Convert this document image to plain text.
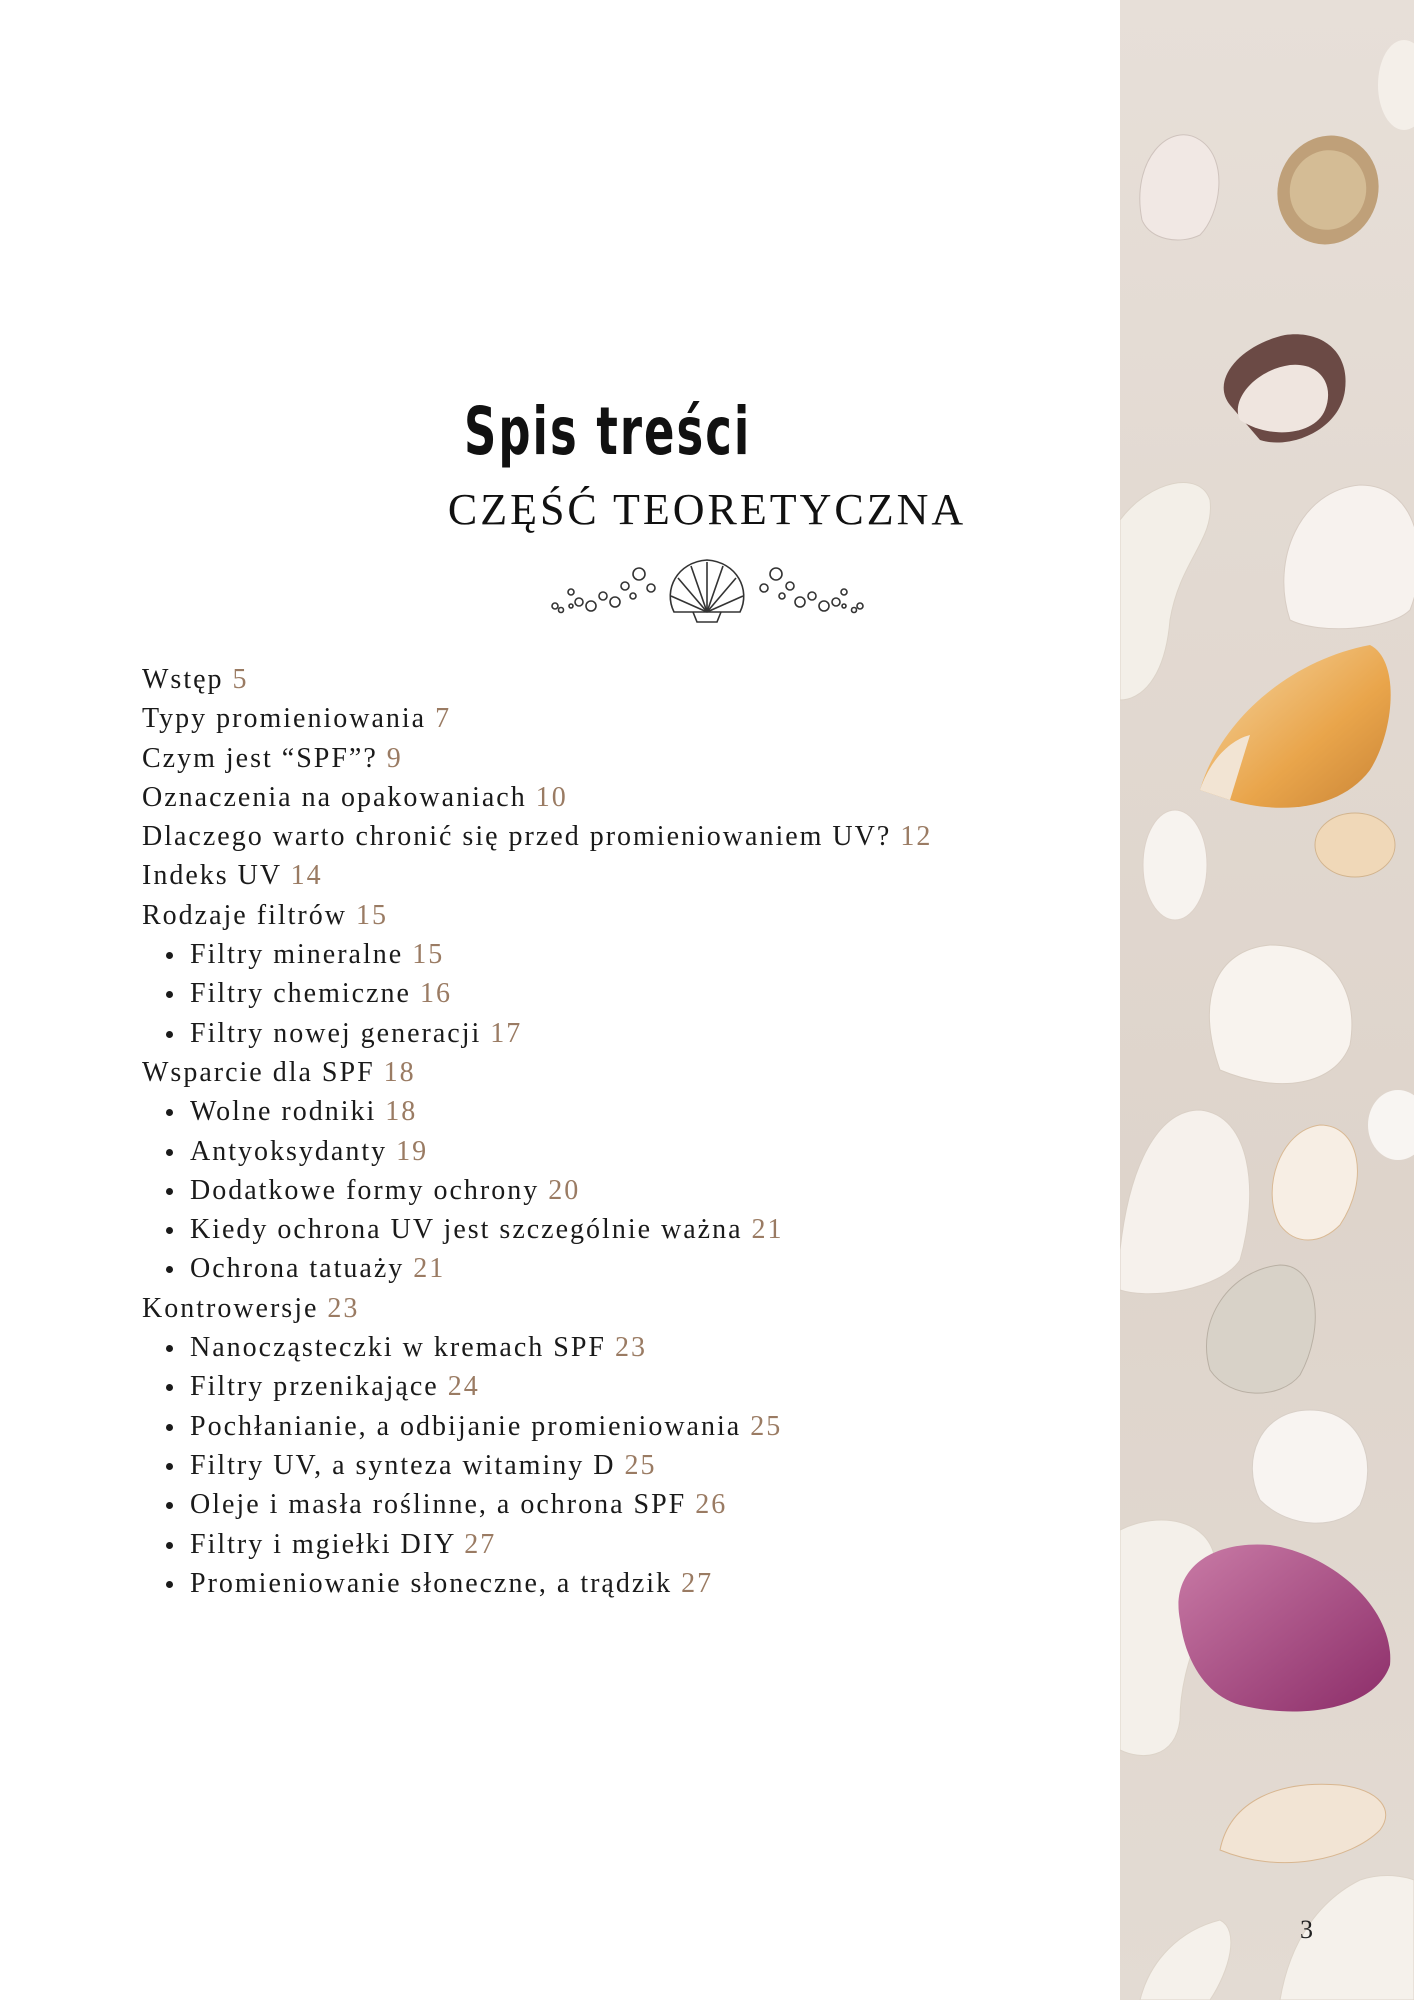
Spis treści
CZĘŚĆ TEORETYCZNA
Wstęp 5
Typy promieniowania 7
Czym jest “SPF”? 9
Oznaczenia na opakowaniach 10
Dlaczego warto chronić się przed promieniowaniem UV? 12
Indeks UV 14
Rodzaje filtrów 15
Filtry mineralne 15
Filtry chemiczne 16
Filtry nowej generacji 17
Wsparcie dla SPF 18
Wolne rodniki 18
Antyoksydanty 19
Dodatkowe formy ochrony 20
Kiedy ochrona UV jest szczególnie ważna 21
Ochrona tatuaży 21
Kontrowersje 23
Nanocząsteczki w kremach SPF 23
Filtry przenikające 24
Pochłanianie, a odbijanie promieniowania 25
Filtry UV, a synteza witaminy D 25
Oleje i masła roślinne, a ochrona SPF 26
Filtry i mgiełki DIY 27
Promieniowanie słoneczne, a trądzik 27
3
